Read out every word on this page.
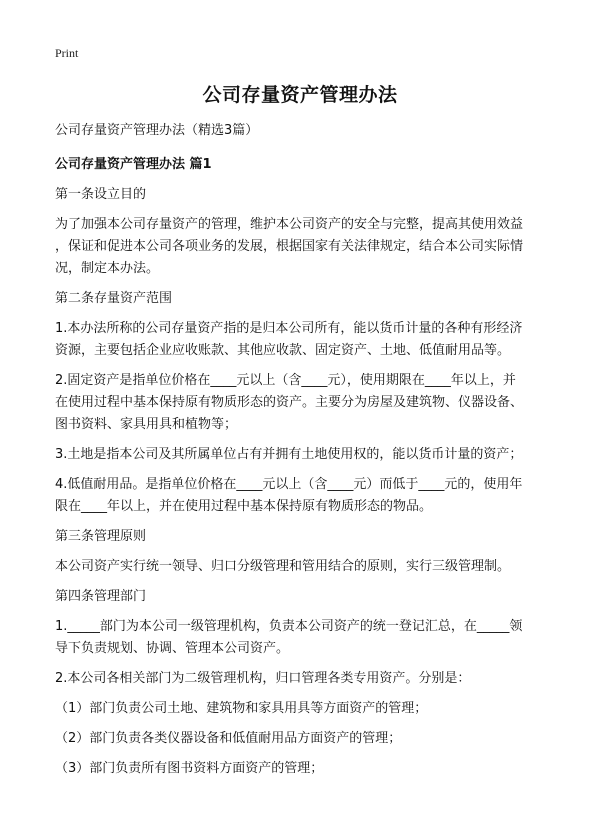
Print
公司存量资产管理办法

公司存量资产管理办法（精选3篇）

公司存量资产管理办法 篇1

第一条设立目的

为了加强本公司存量资产的管理，维护本公司资产的安全与完整，提高其使用效益
，保证和促进本公司各项业务的发展，根据国家有关法律规定，结合本公司实际情
况，制定本办法。

第二条存量资产范围

1.本办法所称的公司存量资产指的是归本公司所有，能以货币计量的各种有形经济
资源，主要包括企业应收账款、其他应收款、固定资产、土地、低值耐用品等。

2.固定资产是指单位价格在____元以上（含____元），使用期限在____年以上，并
在使用过程中基本保持原有物质形态的资产。主要分为房屋及建筑物、仪器设备、
图书资料、家具用具和植物等；

3.土地是指本公司及其所属单位占有并拥有土地使用权的，能以货币计量的资产；

4.低值耐用品。是指单位价格在____元以上（含____元）而低于____元的，使用年
限在____年以上，并在使用过程中基本保持原有物质形态的物品。

第三条管理原则

本公司资产实行统一领导、归口分级管理和管用结合的原则，实行三级管理制。

第四条管理部门

1._____部门为本公司一级管理机构，负责本公司资产的统一登记汇总，在_____领
导下负责规划、协调、管理本公司资产。

2.本公司各相关部门为二级管理机构，归口管理各类专用资产。分别是：

（1）部门负责公司土地、建筑物和家具用具等方面资产的管理；

（2）部门负责各类仪器设备和低值耐用品方面资产的管理；

（3）部门负责所有图书资料方面资产的管理；
